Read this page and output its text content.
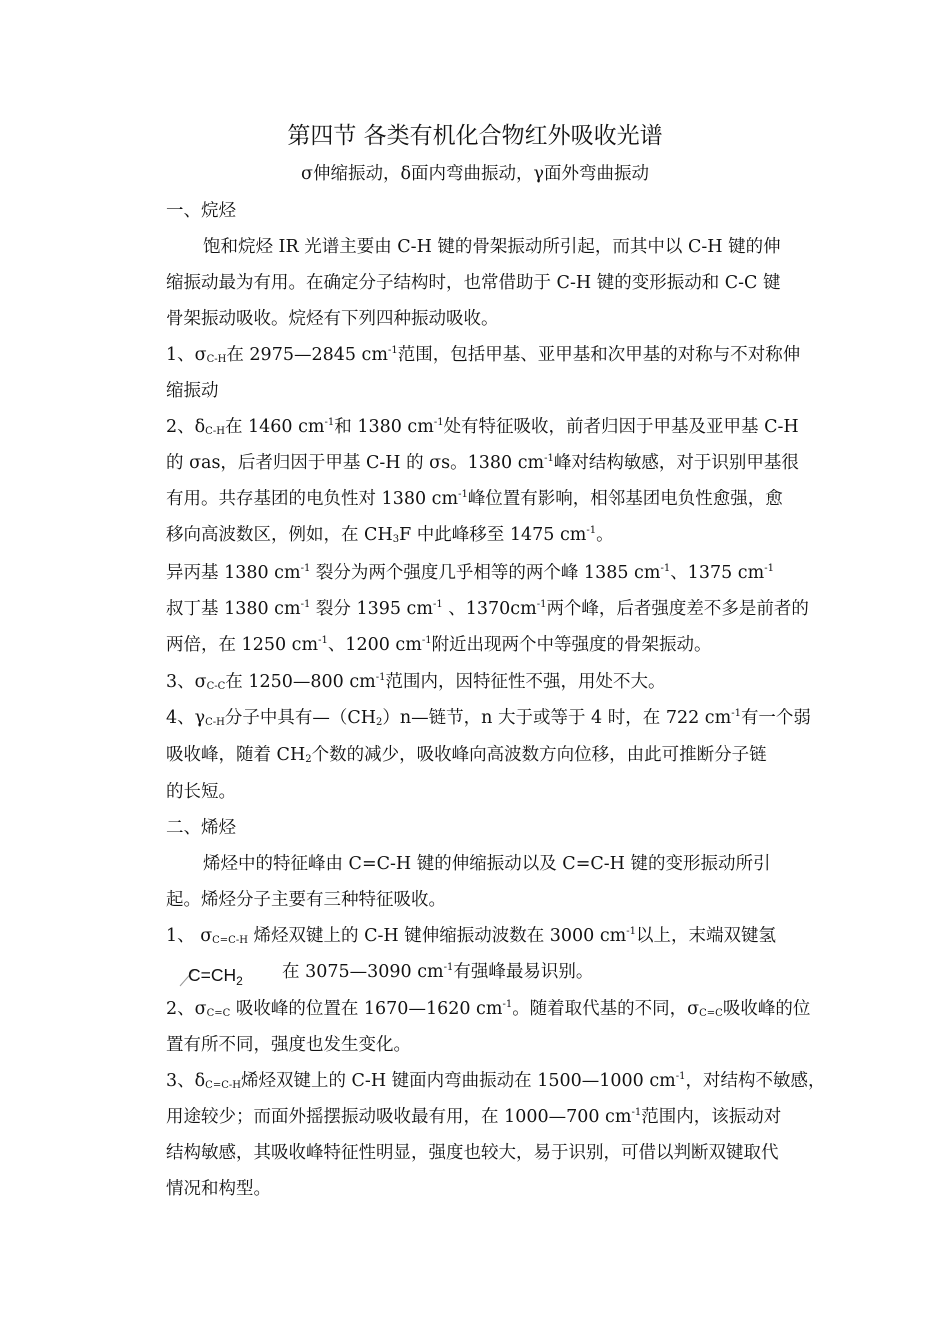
第四节 各类有机化合物红外吸收光谱
σ伸缩振动，δ面内弯曲振动，γ面外弯曲振动
一、烷烃
饱和烷烃 IR 光谱主要由 C-H 键的骨架振动所引起，而其中以 C-H 键的伸
缩振动最为有用。在确定分子结构时，也常借助于 C-H 键的变形振动和 C-C 键
骨架振动吸收。烷烃有下列四种振动吸收。
1、$\sigma_{C-H}$在 2975—2845 $cm^{-1}$范围，包括甲基、亚甲基和次甲基的对称与不对称伸
缩振动
2、$\delta_{C-H}$在 1460 $cm^{-1}$和 1380 $cm^{-1}$处有特征吸收，前者归因于甲基及亚甲基 C-H
的 σas，后者归因于甲基 C-H 的 σs。1380 $cm^{-1}$峰对结构敏感，对于识别甲基很
有用。共存基团的电负性对 1380 $cm^{-1}$峰位置有影响，相邻基团电负性愈强，愈
移向高波数区，例如，在 $CH_3F$ 中此峰移至 1475 $cm^{-1}$。
异丙基 1380 $cm^{-1}$ 裂分为两个强度几乎相等的两个峰 1385 $cm^{-1}$、1375 $cm^{-1}$
叔丁基 1380 $cm^{-1}$ 裂分 1395 $cm^{-1}$ 、$1370cm^{-1}$两个峰，后者强度差不多是前者的
两倍，在 1250 $cm^{-1}$、1200 $cm^{-1}$附近出现两个中等强度的骨架振动。
3、$\sigma_{C-C}$在 1250—800 $cm^{-1}$范围内，因特征性不强，用处不大。
4、$\gamma_{C-H}$分子中具有$—(CH_2)n—$链节，n 大于或等于 4 时，在 722 $cm^{-1}$有一个弱
吸收峰，随着 $CH_2$个数的减少，吸收峰向高波数方向位移，由此可推断分子链
的长短。
二、烯烃
烯烃中的特征峰由 C=C-H 键的伸缩振动以及 C=C-H 键的变形振动所引
起。烯烃分子主要有三种特征吸收。
1、 $\sigma_{C=C-H}$ 烯烃双键上的 C-H 键伸缩振动波数在 3000 $cm^{-1}$以上，末端双键氢
$C=CH_2$ 在 3075—3090 $cm^{-1}$有强峰最易识别。
2、$\sigma_{C=C}$ 吸收峰的位置在 1670—1620 $cm^{-1}$。随着取代基的不同，$\sigma_{C=C}$吸收峰的位
置有所不同，强度也发生变化。
3、$\delta_{C=C-H}$烯烃双键上的 C-H 键面内弯曲振动在 1500—1000 $cm^{-1}$，对结构不敏感，
用途较少；而面外摇摆振动吸收最有用，在 1000—700 $cm^{-1}$范围内，该振动对
结构敏感，其吸收峰特征性明显，强度也较大，易于识别，可借以判断双键取代
情况和构型。
